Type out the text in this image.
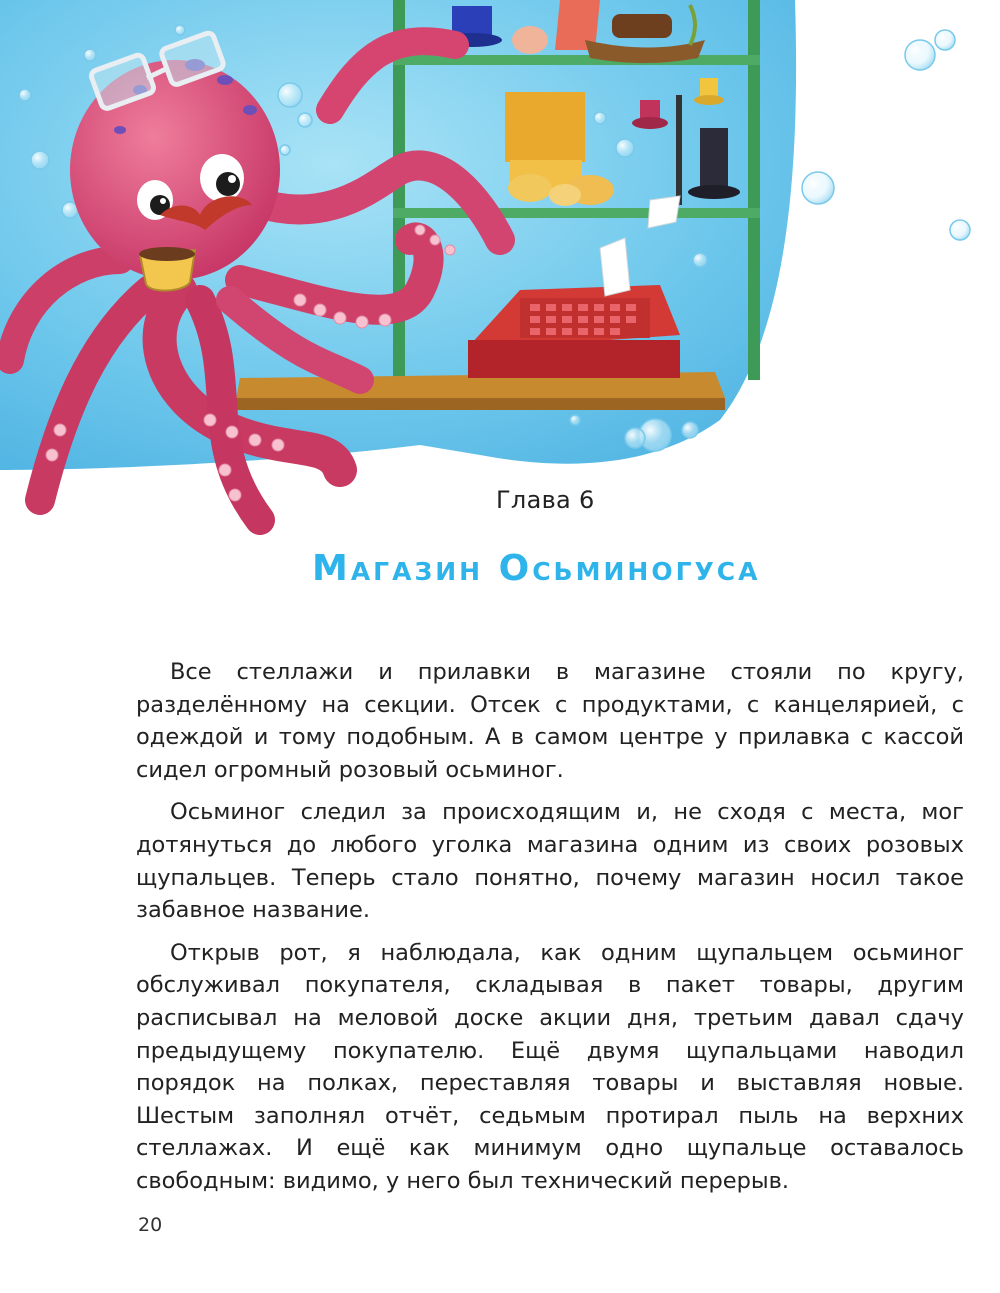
Глава 6
Магазин Осьминогуса

Все стеллажи и прилавки в магазине стояли по кругу, разделённому на секции. Отсек с продуктами, с канцелярией, с одеждой и тому подобным. А в самом центре у прилавка с кассой сидел огромный розовый осьминог.

Осьминог следил за происходящим и, не сходя с места, мог дотянуться до любого уголка магазина одним из своих розовых щупальцев. Теперь стало понятно, почему магазин носил такое забавное название.

Открыв рот, я наблюдала, как одним щупальцем осьминог обслуживал покупателя, складывая в пакет товары, другим расписывал на меловой доске акции дня, третьим давал сдачу предыдущему покупателю. Ещё двумя щупальцами наводил порядок на полках, переставляя товары и выставляя новые. Шестым заполнял отчёт, седьмым протирал пыль на верхних стеллажах. И ещё как минимум одно щупальце оставалось свободным: видимо, у него был технический перерыв.

20
